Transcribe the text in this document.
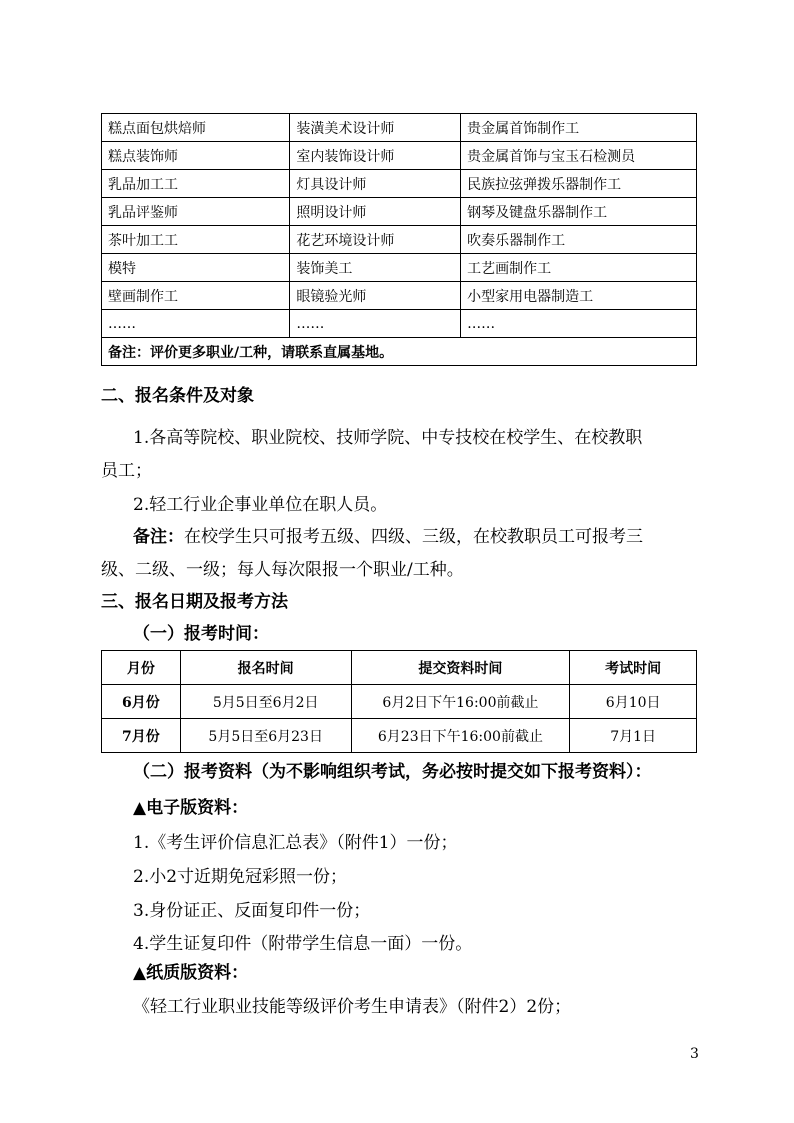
糕点面包烘焙师	装潢美术设计师	贵金属首饰制作工
糕点装饰师	室内装饰设计师	贵金属首饰与宝玉石检测员
乳品加工工	灯具设计师	民族拉弦弹拨乐器制作工
乳品评鉴师	照明设计师	钢琴及键盘乐器制作工
茶叶加工工	花艺环境设计师	吹奏乐器制作工
模特	装饰美工	工艺画制作工
壁画制作工	眼镜验光师	小型家用电器制造工
……	……	……
备注：评价更多职业/工种，请联系直属基地。		
二、报名条件及对象
1.各高等院校、职业院校、技师学院、中专技校在校学生、在校教职
员工；
2.轻工行业企事业单位在职人员。
备注：在校学生只可报考五级、四级、三级，在校教职员工可报考三
级、二级、一级；每人每次限报一个职业/工种。
三、报名日期及报考方法
（一）报考时间：
月份	报名时间	提交资料时间	考试时间
6月份	5月5日至6月2日	6月2日下午16:00前截止	6月10日
7月份	5月5日至6月23日	6月23日下午16:00前截止	7月1日
（二）报考资料（为不影响组织考试，务必按时提交如下报考资料）：
▲电子版资料：
1.《考生评价信息汇总表》（附件1）一份；
2.小2寸近期免冠彩照一份；
3.身份证正、反面复印件一份；
4.学生证复印件（附带学生信息一面）一份。
▲纸质版资料：
《轻工行业职业技能等级评价考生申请表》（附件2）2份；
3
